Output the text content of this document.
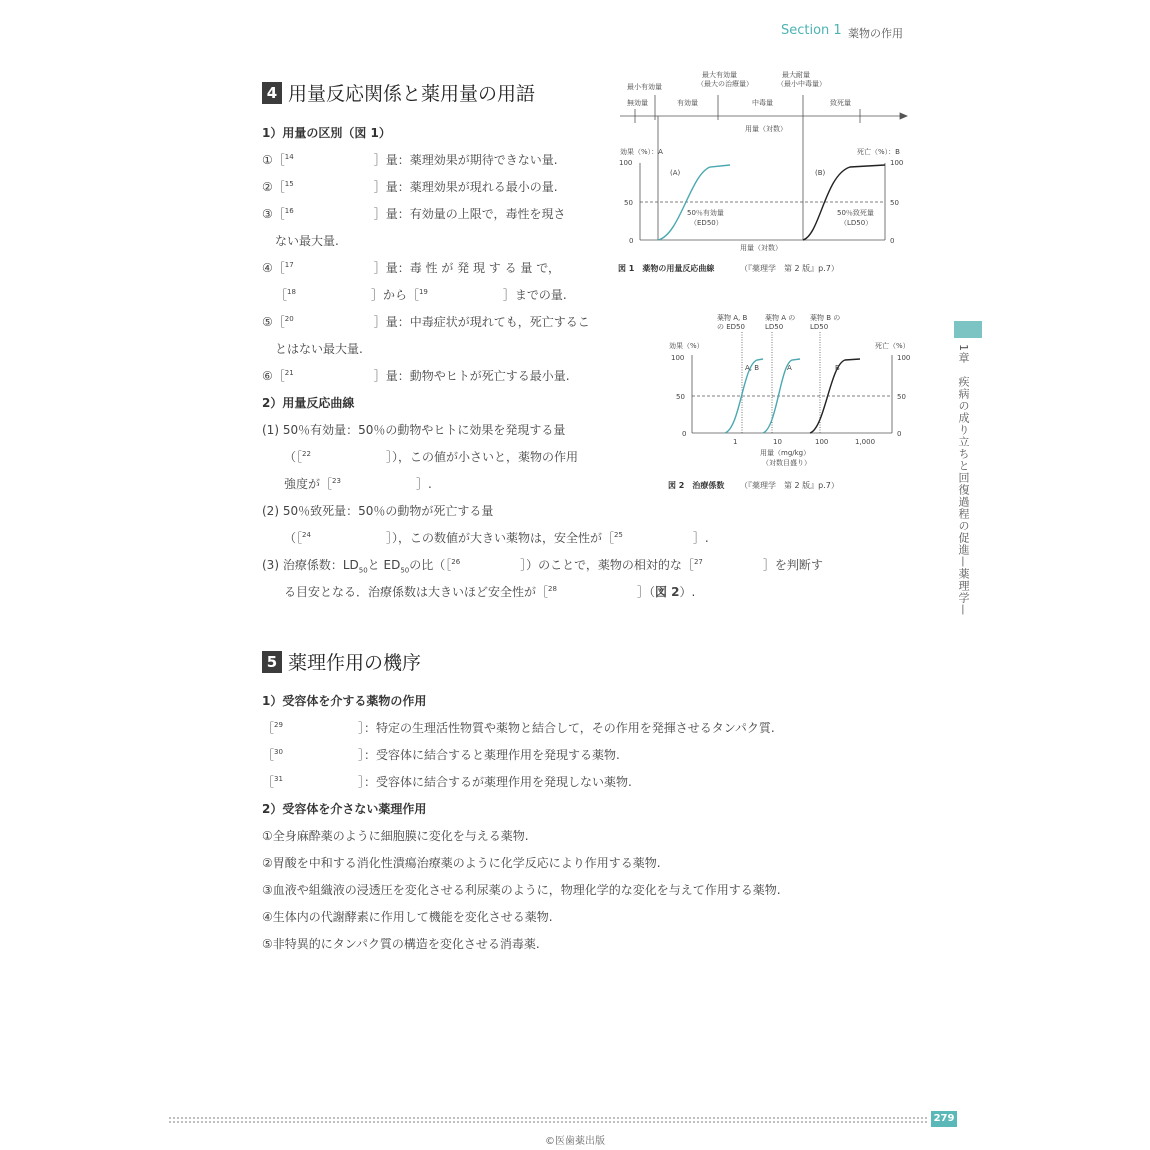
Section 1 薬物の作用
4 用量反応関係と薬用量の用語
1）用量の区別（図 1）
①［$^{14}$	］量：薬理効果が期待できない量.
②［$^{15}$	］量：薬理効果が現れる最小の量.
③［$^{16}$	］量：有効量の上限で，毒性を現さ
ない最大量.
④［$^{17}$	］量：毒 性 が 発 現 す る 量 で，
［$^{18}$	］から［$^{19}$	］までの量.
⑤［$^{20}$	］量：中毒症状が現れても，死亡するこ
とはない最大量.
⑥［$^{21}$	］量：動物やヒトが死亡する最小量.
2）用量反応曲線
(1) 50％有効量：50％の動物やヒトに効果を発現する量
（［$^{22}$	］），この値が小さいと，薬物の作用
強度が［$^{23}$	］.
(2) 50％致死量：50％の動物が死亡する量
（［$^{24}$	］），この数値が大きい薬物は，安全性が［$^{25}$	］.
(3) 治療係数：$LD_{50}$と $ED_{50}$の比（［$^{26}$	］）のことで，薬物の相対的な［$^{27}$	］を判断す
る目安となる．治療係数は大きいほど安全性が［$^{28}$	］（図 2）.
最小有効量
最大有効量（最大の治療量）
最大耐量（最小中毒量）
無効量	有効量	中毒量	致死量
用量（対数）
効果（%）：A	死亡（%）：B
100
50
0
100
50
0
(A)	(B)
50％有効量
（ED50）
50％致死量
（LD50）
用量（対数）
図 1　薬物の用量反応曲線	（『薬理学　第 2 版』p.7）
薬物 A, B の ED50
薬物 A の LD50
薬物 B の LD50
効果（%）	死亡（%）
100
50
0
100
50
0
A, B	A	B
1	10	100	1,000
用量（mg/kg）
（対数目盛り）
図 2　治療係数 （『薬理学　第 2 版』p.7）
5 薬理作用の機序
1）受容体を介する薬物の作用
［$^{29}$	］：特定の生理活性物質や薬物と結合して，その作用を発揮させるタンパク質.
［$^{30}$	］：受容体に結合すると薬理作用を発現する薬物.
［$^{31}$	］：受容体に結合するが薬理作用を発現しない薬物.
2）受容体を介さない薬理作用
①全身麻酔薬のように細胞膜に変化を与える薬物.
②胃酸を中和する消化性潰瘍治療薬のように化学反応により作用する薬物.
③血液や組織液の浸透圧を変化させる利尿薬のように，物理化学的な変化を与えて作用する薬物.
④生体内の代謝酵素に作用して機能を変化させる薬物.
⑤非特異的にタンパク質の構造を変化させる消毒薬.
1章　疾病の成り立ちと回復過程の促進—薬理学—
279
©医歯薬出版
